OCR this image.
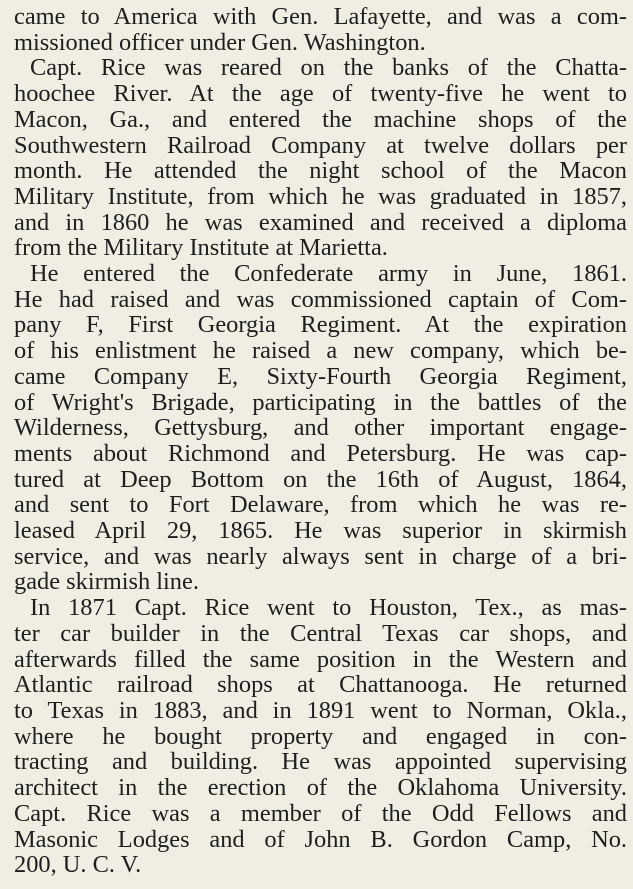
came to America with Gen. Lafayette, and was a com-
missioned officer under Gen. Washington.
Capt. Rice was reared on the banks of the Chatta-
hoochee River. At the age of twenty-five he went to
Macon, Ga., and entered the machine shops of the
Southwestern Railroad Company at twelve dollars per
month. He attended the night school of the Macon
Military Institute, from which he was graduated in 1857,
and in 1860 he was examined and received a diploma
from the Military Institute at Marietta.
He entered the Confederate army in June, 1861.
He had raised and was commissioned captain of Com-
pany F, First Georgia Regiment. At the expiration
of his enlistment he raised a new company, which be-
came Company E, Sixty-Fourth Georgia Regiment,
of Wright's Brigade, participating in the battles of the
Wilderness, Gettysburg, and other important engage-
ments about Richmond and Petersburg. He was cap-
tured at Deep Bottom on the 16th of August, 1864,
and sent to Fort Delaware, from which he was re-
leased April 29, 1865. He was superior in skirmish
service, and was nearly always sent in charge of a bri-
gade skirmish line.
In 1871 Capt. Rice went to Houston, Tex., as mas-
ter car builder in the Central Texas car shops, and
afterwards filled the same position in the Western and
Atlantic railroad shops at Chattanooga. He returned
to Texas in 1883, and in 1891 went to Norman, Okla.,
where he bought property and engaged in con-
tracting and building. He was appointed supervising
architect in the erection of the Oklahoma University.
Capt. Rice was a member of the Odd Fellows and
Masonic Lodges and of John B. Gordon Camp, No.
200, U. C. V.
